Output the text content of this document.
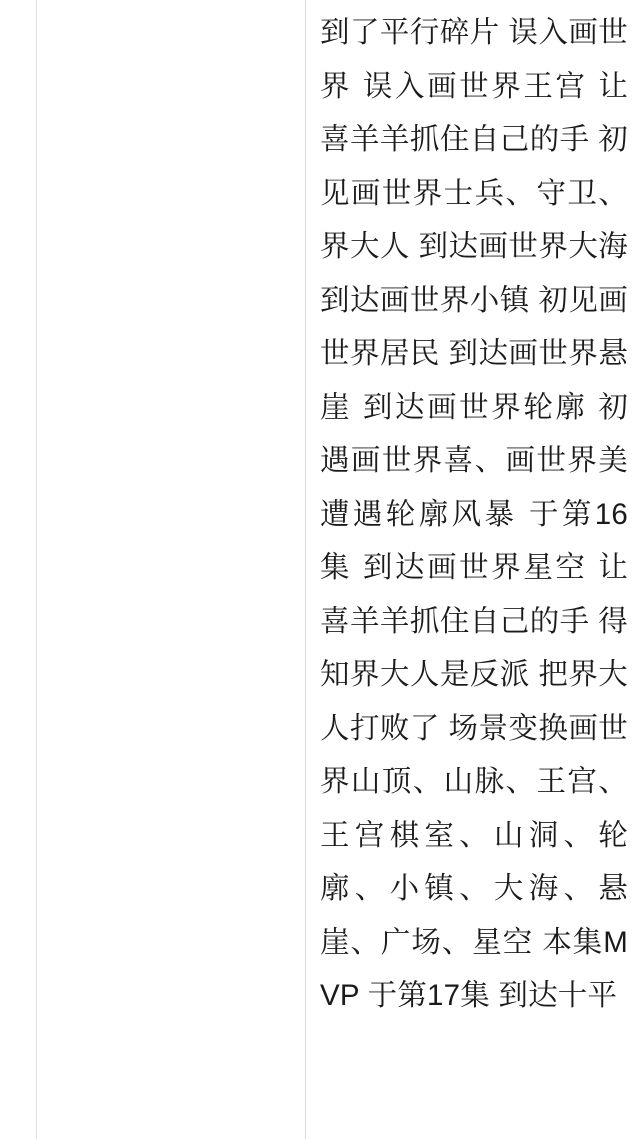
到了平行碎片 误入画世界 误入画世界王宫 让喜羊羊抓住自己的手 初见画世界士兵、守卫、界大人 到达画世界大海 到达画世界小镇 初见画世界居民 到达画世界悬崖 到达画世界轮廓 初遇画世界喜、画世界美 遭遇轮廓风暴 于第16集 到达画世界星空 让喜羊羊抓住自己的手 得知界大人是反派 把界大人打败了 场景变换画世界山顶、山脉、王宫、王宫棋室、山洞、轮廓、小镇、大海、悬崖、广场、星空 本集MVP 于第17集 到达十平
